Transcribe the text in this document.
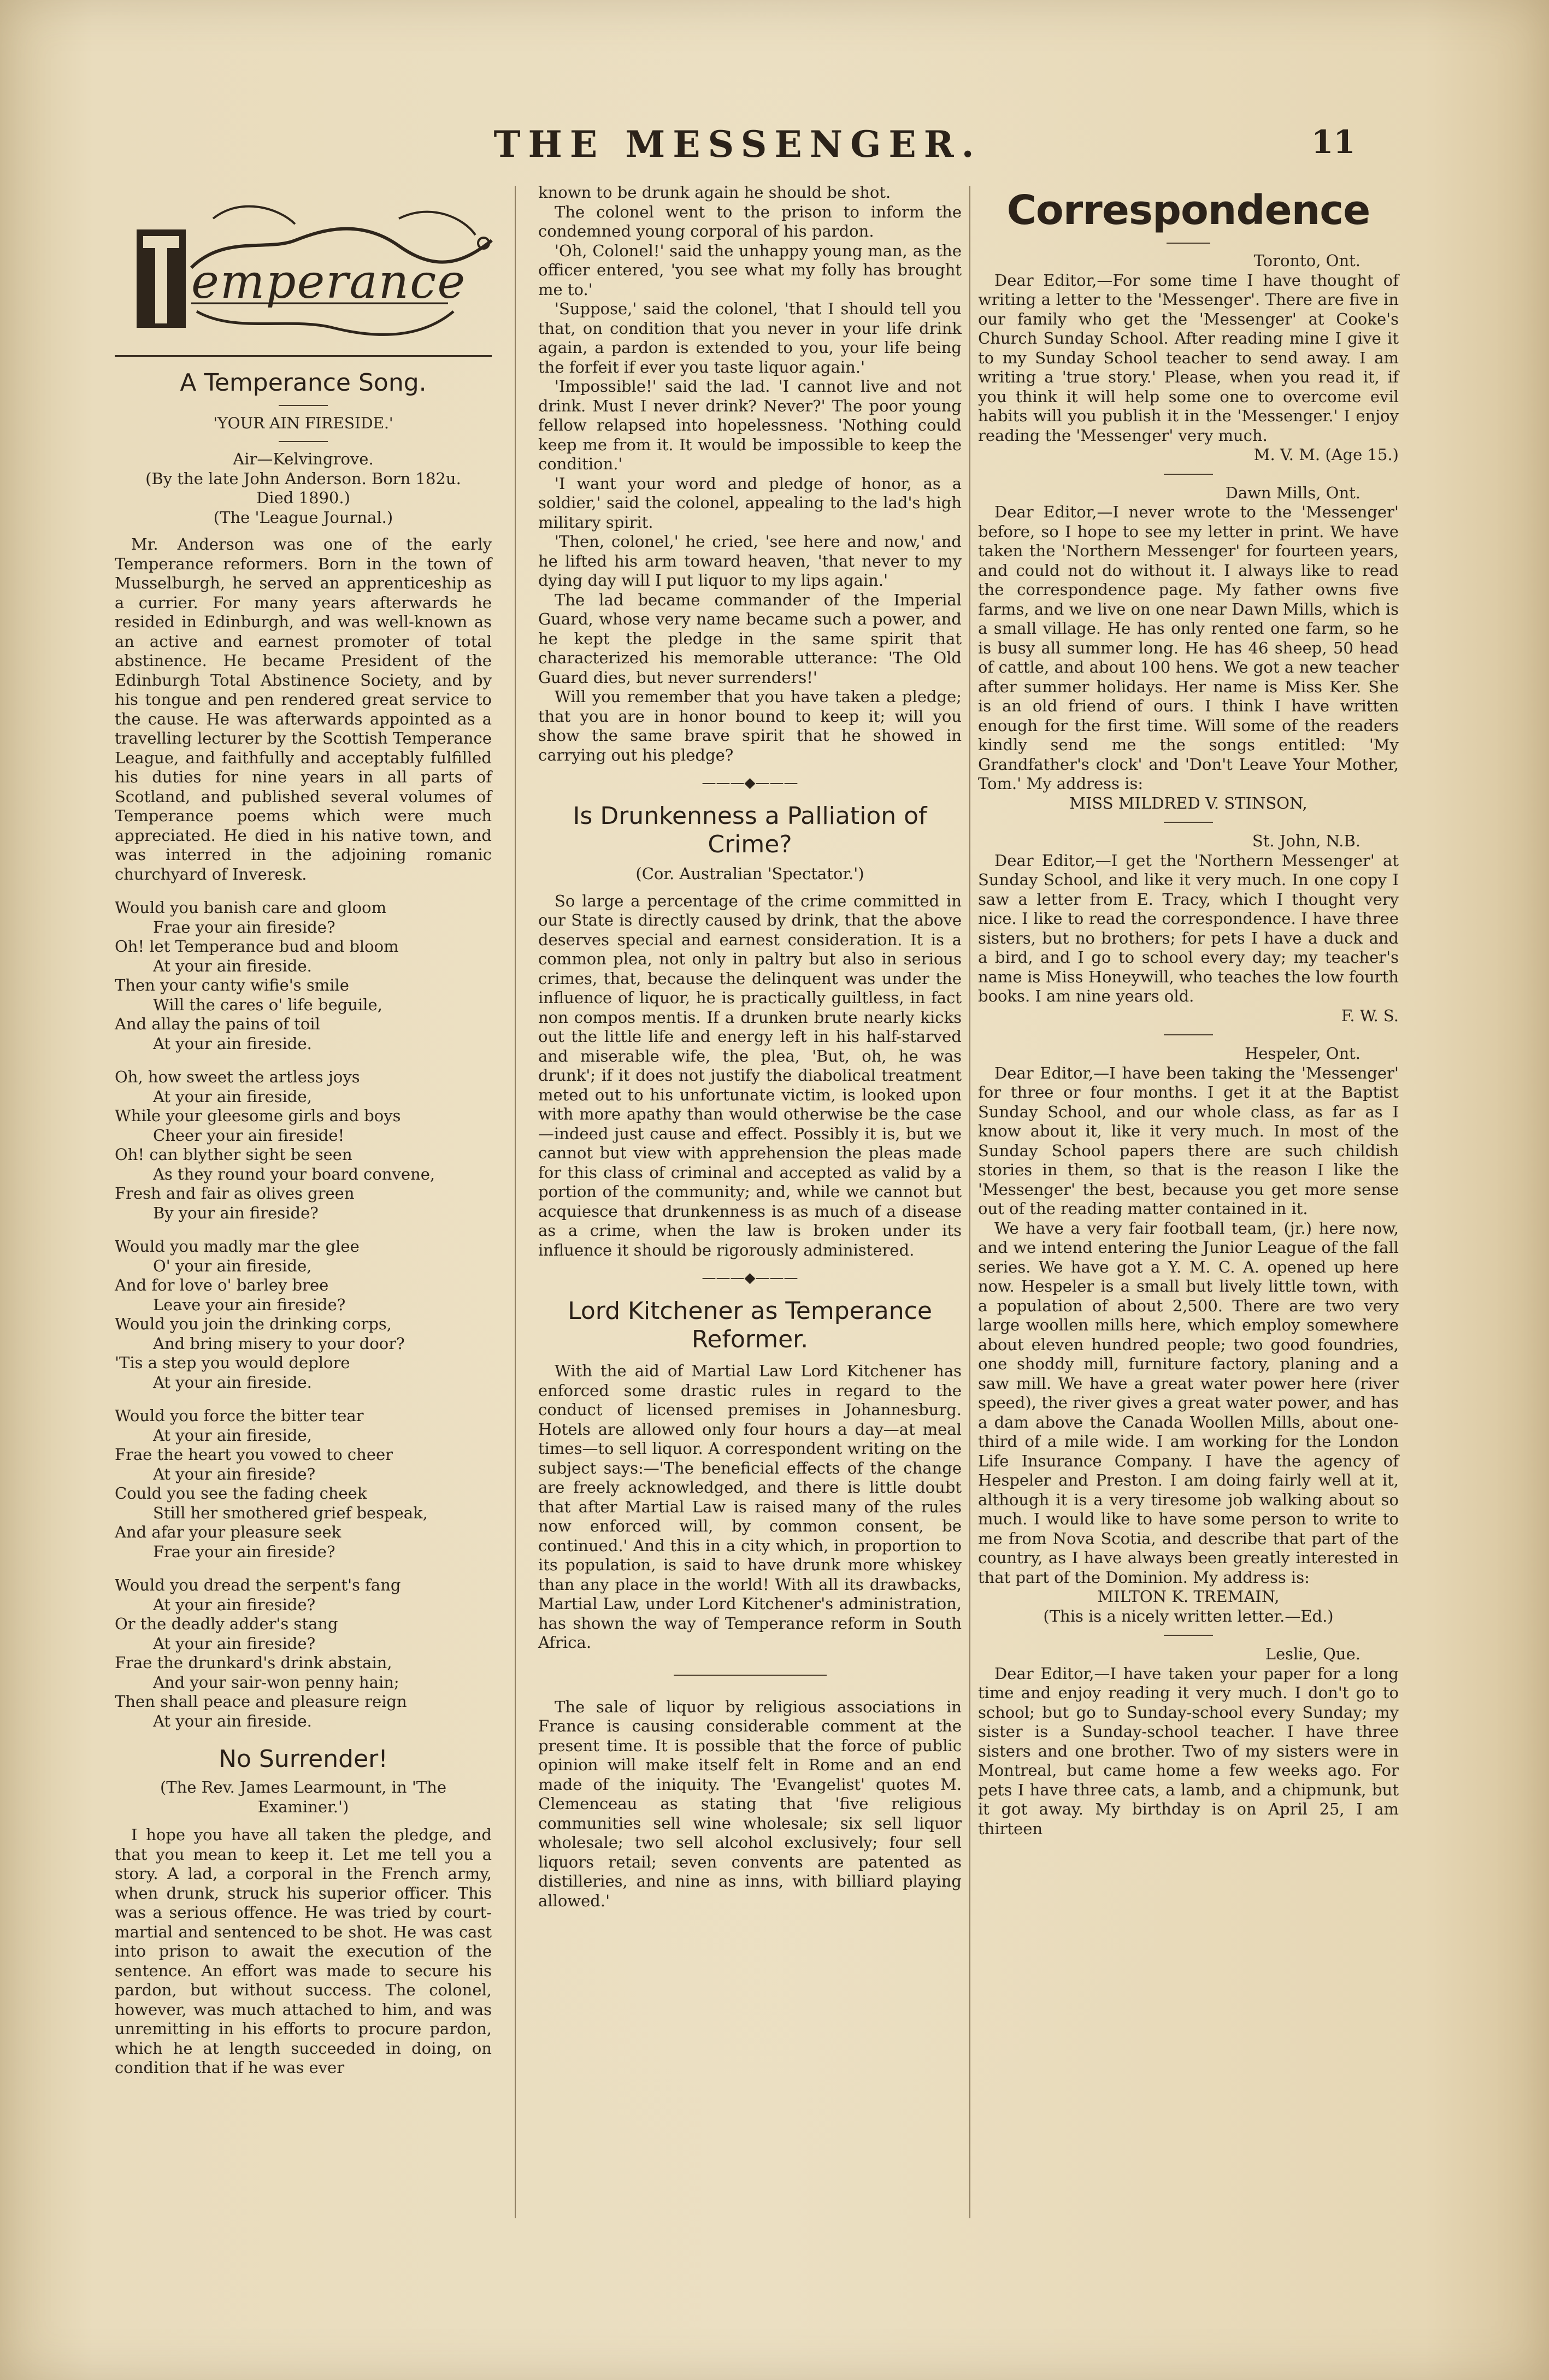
THE MESSENGER.	11
emperance

A Temperance Song.

'YOUR AIN FIRESIDE.'

Air—Kelvingrove.

(By the late John Anderson. Born 182u. Died 1890.)

(The 'League Journal.)

Mr. Anderson was one of the early Temperance reformers. Born in the town of Musselburgh, he served an apprenticeship as a currier. For many years afterwards he resided in Edinburgh, and was well-known as an active and earnest promoter of total abstinence. He became President of the Edinburgh Total Abstinence Society, and by his tongue and pen rendered great service to the cause. He was afterwards appointed as a travelling lecturer by the Scottish Temperance League, and faithfully and acceptably fulfilled his duties for nine years in all parts of Scotland, and published several volumes of Temperance poems which were much appreciated. He died in his native town, and was interred in the adjoining romanic churchyard of Inveresk.

Would you banish care and gloom

Frae your ain fireside?

Oh! let Temperance bud and bloom

At your ain fireside.

Then your canty wifie's smile

Will the cares o' life beguile,

And allay the pains of toil

At your ain fireside.

Oh, how sweet the artless joys

At your ain fireside,

While your gleesome girls and boys

Cheer your ain fireside!

Oh! can blyther sight be seen

As they round your board convene,

Fresh and fair as olives green

By your ain fireside?

Would you madly mar the glee

O' your ain fireside,

And for love o' barley bree

Leave your ain fireside?

Would you join the drinking corps,

And bring misery to your door?

'Tis a step you would deplore

At your ain fireside.

Would you force the bitter tear

At your ain fireside,

Frae the heart you vowed to cheer

At your ain fireside?

Could you see the fading cheek

Still her smothered grief bespeak,

And afar your pleasure seek

Frae your ain fireside?

Would you dread the serpent's fang

At your ain fireside?

Or the deadly adder's stang

At your ain fireside?

Frae the drunkard's drink abstain,

And your sair-won penny hain;

Then shall peace and pleasure reign

At your ain fireside.

No Surrender!

(The Rev. James Learmount, in 'The Examiner.')

I hope you have all taken the pledge, and that you mean to keep it. Let me tell you a story. A lad, a corporal in the French army, when drunk, struck his superior officer. This was a serious offence. He was tried by court-martial and sentenced to be shot. He was cast into prison to await the execution of the sentence. An effort was made to secure his pardon, but without success. The colonel, however, was much attached to him, and was unremitting in his efforts to procure pardon, which he at length succeeded in doing, on condition that if he was ever

known to be drunk again he should be shot.

The colonel went to the prison to inform the condemned young corporal of his pardon.

'Oh, Colonel!' said the unhappy young man, as the officer entered, 'you see what my folly has brought me to.'

'Suppose,' said the colonel, 'that I should tell you that, on condition that you never in your life drink again, a pardon is extended to you, your life being the forfeit if ever you taste liquor again.'

'Impossible!' said the lad. 'I cannot live and not drink. Must I never drink? Never?' The poor young fellow relapsed into hopelessness. 'Nothing could keep me from it. It would be impossible to keep the condition.'

'I want your word and pledge of honor, as a soldier,' said the colonel, appealing to the lad's high military spirit.

'Then, colonel,' he cried, 'see here and now,' and he lifted his arm toward heaven, 'that never to my dying day will I put liquor to my lips again.'

The lad became commander of the Imperial Guard, whose very name became such a power, and he kept the pledge in the same spirit that characterized his memorable utterance: 'The Old Guard dies, but never surrenders!'

Will you remember that you have taken a pledge; that you are in honor bound to keep it; will you show the same brave spirit that he showed in carrying out his pledge?

———◆———

Is Drunkenness a Palliation of Crime?

(Cor. Australian 'Spectator.')

So large a percentage of the crime committed in our State is directly caused by drink, that the above deserves special and earnest consideration. It is a common plea, not only in paltry but also in serious crimes, that, because the delinquent was under the influence of liquor, he is practically guiltless, in fact non compos mentis. If a drunken brute nearly kicks out the little life and energy left in his half-starved and miserable wife, the plea, 'But, oh, he was drunk'; if it does not justify the diabolical treatment meted out to his unfortunate victim, is looked upon with more apathy than would otherwise be the case—indeed just cause and effect. Possibly it is, but we cannot but view with apprehension the pleas made for this class of criminal and accepted as valid by a portion of the community; and, while we cannot but acquiesce that drunkenness is as much of a disease as a crime, when the law is broken under its influence it should be rigorously administered.

———◆———

Lord Kitchener as Temperance Reformer.

With the aid of Martial Law Lord Kitchener has enforced some drastic rules in regard to the conduct of licensed premises in Johannesburg. Hotels are allowed only four hours a day—at meal times—to sell liquor. A correspondent writing on the subject says:—'The beneficial effects of the change are freely acknowledged, and there is little doubt that after Martial Law is raised many of the rules now enforced will, by common consent, be continued.' And this in a city which, in proportion to its population, is said to have drunk more whiskey than any place in the world! With all its drawbacks, Martial Law, under Lord Kitchener's administration, has shown the way of Temperance reform in South Africa.

The sale of liquor by religious associations in France is causing considerable comment at the present time. It is possible that the force of public opinion will make itself felt in Rome and an end made of the iniquity. The 'Evangelist' quotes M. Clemenceau as stating that 'five religious communities sell wine wholesale; six sell liquor wholesale; two sell alcohol exclusively; four sell liquors retail; seven convents are patented as distilleries, and nine as inns, with billiard playing allowed.'

Correspondence

Toronto, Ont.

Dear Editor,—For some time I have thought of writing a letter to the 'Messenger'. There are five in our family who get the 'Messenger' at Cooke's Church Sunday School. After reading mine I give it to my Sunday School teacher to send away. I am writing a 'true story.' Please, when you read it, if you think it will help some one to overcome evil habits will you publish it in the 'Messenger.' I enjoy reading the 'Messenger' very much.

M. V. M. (Age 15.)

Dawn Mills, Ont.

Dear Editor,—I never wrote to the 'Messenger' before, so I hope to see my letter in print. We have taken the 'Northern Messenger' for fourteen years, and could not do without it. I always like to read the correspondence page. My father owns five farms, and we live on one near Dawn Mills, which is a small village. He has only rented one farm, so he is busy all summer long. He has 46 sheep, 50 head of cattle, and about 100 hens. We got a new teacher after summer holidays. Her name is Miss Ker. She is an old friend of ours. I think I have written enough for the first time. Will some of the readers kindly send me the songs entitled: 'My Grandfather's clock' and 'Don't Leave Your Mother, Tom.' My address is:

MISS MILDRED V. STINSON,

St. John, N.B.

Dear Editor,—I get the 'Northern Messenger' at Sunday School, and like it very much. In one copy I saw a letter from E. Tracy, which I thought very nice. I like to read the correspondence. I have three sisters, but no brothers; for pets I have a duck and a bird, and I go to school every day; my teacher's name is Miss Honeywill, who teaches the low fourth books. I am nine years old.

F. W. S.

Hespeler, Ont.

Dear Editor,—I have been taking the 'Messenger' for three or four months. I get it at the Baptist Sunday School, and our whole class, as far as I know about it, like it very much. In most of the Sunday School papers there are such childish stories in them, so that is the reason I like the 'Messenger' the best, because you get more sense out of the reading matter contained in it.

We have a very fair football team, (jr.) here now, and we intend entering the Junior League of the fall series. We have got a Y. M. C. A. opened up here now. Hespeler is a small but lively little town, with a population of about 2,500. There are two very large woollen mills here, which employ somewhere about eleven hundred people; two good foundries, one shoddy mill, furniture factory, planing and a saw mill. We have a great water power here (river speed), the river gives a great water power, and has a dam above the Canada Woollen Mills, about one-third of a mile wide. I am working for the London Life Insurance Company. I have the agency of Hespeler and Preston. I am doing fairly well at it, although it is a very tiresome job walking about so much. I would like to have some person to write to me from Nova Scotia, and describe that part of the country, as I have always been greatly interested in that part of the Dominion. My address is:

MILTON K. TREMAIN,

(This is a nicely written letter.—Ed.)

Leslie, Que.

Dear Editor,—I have taken your paper for a long time and enjoy reading it very much. I don't go to school; but go to Sunday-school every Sunday; my sister is a Sunday-school teacher. I have three sisters and one brother. Two of my sisters were in Montreal, but came home a few weeks ago. For pets I have three cats, a lamb, and a chipmunk, but it got away. My birthday is on April 25, I am thirteen
